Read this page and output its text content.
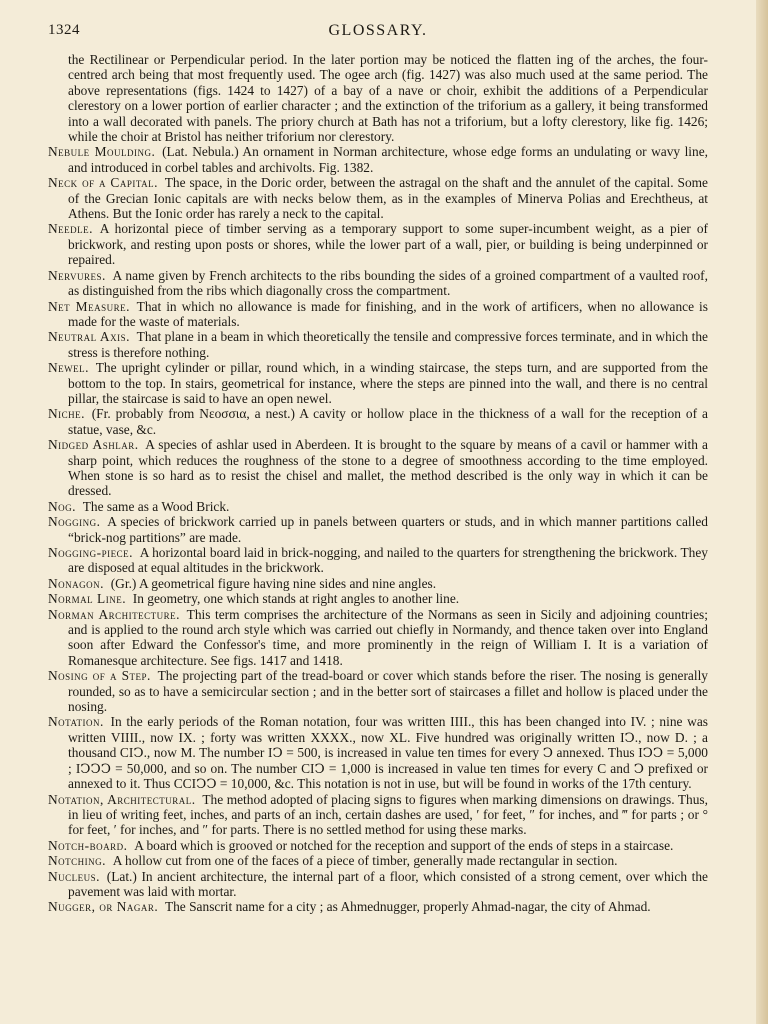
1324	GLOSSARY.

the Rectilinear or Perpendicular period. In the later portion may be noticed the flatten ing of the arches, the four-centred arch being that most frequently used. The ogee arch (fig. 1427) was also much used at the same period. The above representations (figs. 1424 to 1427) of a bay of a nave or choir, exhibit the additions of a Perpendicular clerestory on a lower portion of earlier character ; and the extinction of the triforium as a gallery, it being transformed into a wall decorated with panels. The priory church at Bath has not a triforium, but a lofty clerestory, like fig. 1426; while the choir at Bristol has neither triforium nor clerestory.

Nebule Moulding.  (Lat. Nebula.) An ornament in Norman architecture, whose edge forms an undulating or wavy line, and introduced in corbel tables and archivolts. Fig. 1382.

Neck of a Capital.  The space, in the Doric order, between the astragal on the shaft and the annulet of the capital. Some of the Grecian Ionic capitals are with necks below them, as in the examples of Minerva Polias and Erechtheus, at Athens. But the Ionic order has rarely a neck to the capital.

Needle.  A horizontal piece of timber serving as a temporary support to some super-incumbent weight, as a pier of brickwork, and resting upon posts or shores, while the lower part of a wall, pier, or building is being underpinned or repaired.

Nervures.  A name given by French architects to the ribs bounding the sides of a groined compartment of a vaulted roof, as distinguished from the ribs which diagonally cross the compartment.

Net Measure.  That in which no allowance is made for finishing, and in the work of artificers, when no allowance is made for the waste of materials.

Neutral Axis.  That plane in a beam in which theoretically the tensile and compressive forces terminate, and in which the stress is therefore nothing.

Newel.  The upright cylinder or pillar, round which, in a winding staircase, the steps turn, and are supported from the bottom to the top. In stairs, geometrical for instance, where the steps are pinned into the wall, and there is no central pillar, the staircase is said to have an open newel.

Niche.  (Fr. probably from Νεοσσια, a nest.) A cavity or hollow place in the thickness of a wall for the reception of a statue, vase, &c.

Nidged Ashlar.  A species of ashlar used in Aberdeen. It is brought to the square by means of a cavil or hammer with a sharp point, which reduces the roughness of the stone to a degree of smoothness according to the time employed. When stone is so hard as to resist the chisel and mallet, the method described is the only way in which it can be dressed.

Nog.  The same as a Wood Brick.

Nogging.  A species of brickwork carried up in panels between quarters or studs, and in which manner partitions called “brick-nog partitions” are made.

Nogging-piece.  A horizontal board laid in brick-nogging, and nailed to the quarters for strengthening the brickwork. They are disposed at equal altitudes in the brickwork.

Nonagon.  (Gr.) A geometrical figure having nine sides and nine angles.

Normal Line.  In geometry, one which stands at right angles to another line.

Norman Architecture.  This term comprises the architecture of the Normans as seen in Sicily and adjoining countries; and is applied to the round arch style which was carried out chiefly in Normandy, and thence taken over into England soon after Edward the Confessor's time, and more prominently in the reign of William I. It is a variation of Romanesque architecture. See figs. 1417 and 1418.

Nosing of a Step.  The projecting part of the tread-board or cover which stands before the riser. The nosing is generally rounded, so as to have a semicircular section ; and in the better sort of staircases a fillet and hollow is placed under the nosing.

Notation.  In the early periods of the Roman notation, four was written IIII., this has been changed into IV. ; nine was written VIIII., now IX. ; forty was written XXXX., now XL. Five hundred was originally written IↃ., now D. ; a thousand CIↃ., now M. The number IↃ = 500, is increased in value ten times for every Ↄ annexed. Thus IↃↃ = 5,000 ; IↃↃↃ = 50,000, and so on. The number CIↃ = 1,000 is increased in value ten times for every C and Ↄ prefixed or annexed to it. Thus CCIↃↃ = 10,000, &c. This notation is not in use, but will be found in works of the 17th century.

Notation, Architectural.  The method adopted of placing signs to figures when marking dimensions on drawings. Thus, in lieu of writing feet, inches, and parts of an inch, certain dashes are used, ′ for feet, ″ for inches, and ‴ for parts ; or ° for feet, ′ for inches, and ″ for parts. There is no settled method for using these marks.

Notch-board.  A board which is grooved or notched for the reception and support of the ends of steps in a staircase.

Notching.  A hollow cut from one of the faces of a piece of timber, generally made rectangular in section.

Nucleus.  (Lat.) In ancient architecture, the internal part of a floor, which consisted of a strong cement, over which the pavement was laid with mortar.

Nugger, or Nagar.  The Sanscrit name for a city ; as Ahmednugger, properly Ahmad-nagar, the city of Ahmad.
